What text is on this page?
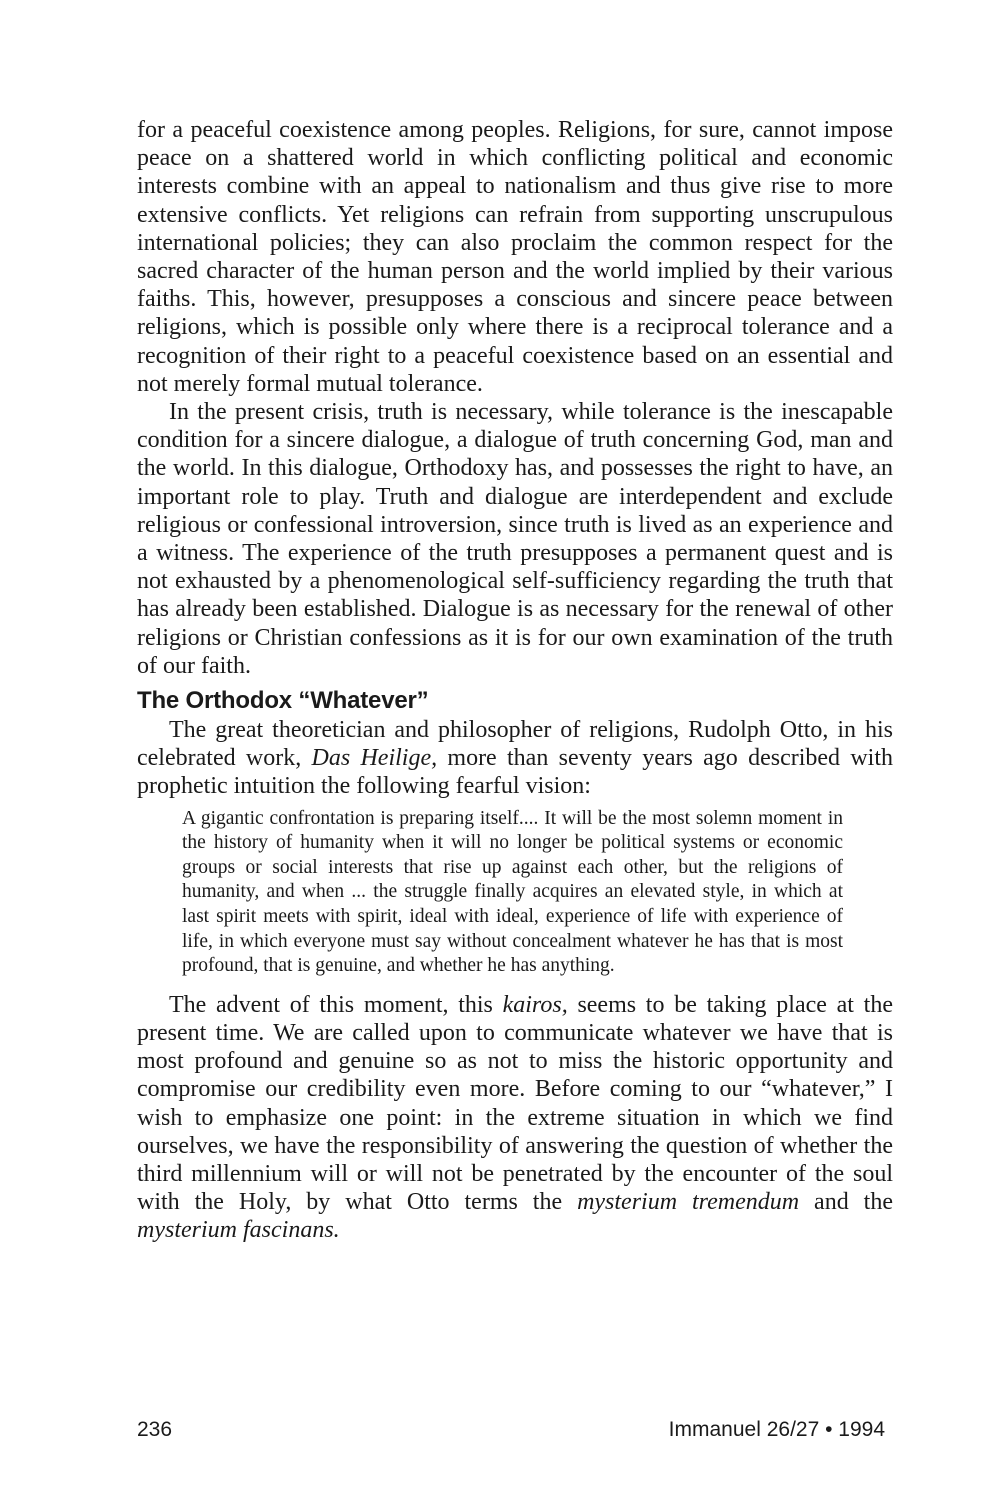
for a peaceful coexistence among peoples. Religions, for sure, cannot impose peace on a shattered world in which conflicting political and economic interests combine with an appeal to nationalism and thus give rise to more extensive conflicts. Yet religions can refrain from supporting unscrupulous international policies; they can also proclaim the common respect for the sacred character of the human person and the world implied by their various faiths. This, however, presupposes a conscious and sincere peace between religions, which is possible only where there is a reciprocal tolerance and a recognition of their right to a peaceful coexistence based on an essential and not merely formal mutual tolerance.

In the present crisis, truth is necessary, while tolerance is the inescapable condition for a sincere dialogue, a dialogue of truth concerning God, man and the world. In this dialogue, Orthodoxy has, and possesses the right to have, an important role to play. Truth and dialogue are interdependent and exclude religious or confessional introversion, since truth is lived as an experience and a witness. The experience of the truth presupposes a permanent quest and is not exhausted by a phenomenological self-sufficiency regarding the truth that has already been established. Dialogue is as necessary for the renewal of other religions or Christian confessions as it is for our own examination of the truth of our faith.

The Orthodox “Whatever”

The great theoretician and philosopher of religions, Rudolph Otto, in his celebrated work, Das Heilige, more than seventy years ago described with prophetic intuition the following fearful vision:

A gigantic confrontation is preparing itself.... It will be the most solemn moment in the history of humanity when it will no longer be political systems or economic groups or social interests that rise up against each other, but the religions of humanity, and when ... the struggle finally acquires an elevated style, in which at last spirit meets with spirit, ideal with ideal, experience of life with experience of life, in which everyone must say without concealment whatever he has that is most profound, that is genuine, and whether he has anything.

The advent of this moment, this kairos, seems to be taking place at the present time. We are called upon to communicate whatever we have that is most profound and genuine so as not to miss the historic opportunity and compromise our credibility even more. Before coming to our “whatever,” I wish to emphasize one point: in the extreme situation in which we find ourselves, we have the responsibility of answering the question of whether the third millennium will or will not be penetrated by the encounter of the soul with the Holy, by what Otto terms the mysterium tremendum and the mysterium fascinans.

236	Immanuel 26/27 • 1994
